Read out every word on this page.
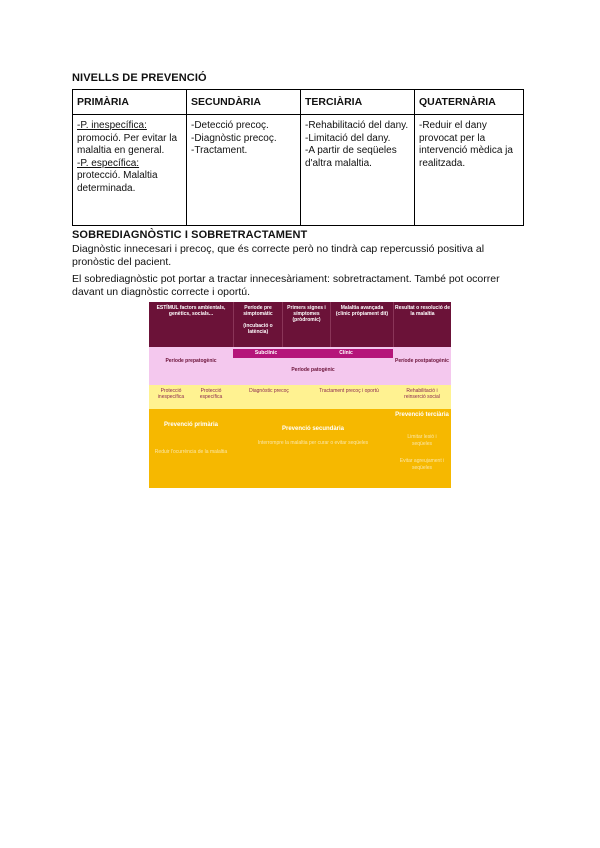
NIVELLS DE PREVENCIÓ
PRIMÀRIA	SECUNDÀRIA	TERCIÀRIA	QUATERNÀRIA

-P. inespecífica:
promoció. Per evitar la malaltia en general.
-P. específica:
protecció. Malaltia determinada.	-Detecció precoç.
-Diagnòstic precoç.
-Tractament.	-Rehabilitació del dany.
-Limitació del dany.
-A partir de seqüeles d'altra malaltia.	-Reduir el dany provocat per la intervenció mèdica ja realitzada.
SOBREDIAGNÒSTIC I SOBRETRACTAMENT
Diagnòstic innecesari i precoç, que és correcte però no tindrà cap repercussió positiva al pronòstic del pacient.
El sobrediagnòstic pot portar a tractar innecesàriament: sobretractament. També pot ocorrer davant un diagnòstic correcte i oportú.
ESTÍMUL factors ambientals, genètics, socials...
Període pre simptomàtic

(incubació o latència)
Primers signes i símptomes
(pròdromic)
Malaltia avançada
(clínic pròpiament dit)
Resultat o resolució de la malaltia
Període prepatogènic
Subclínic	Clínic
Període patogènic
Període postpatogènic
Protecció inespecífica
Protecció específica
Diagnòstic precoç	Tractament precoç i oportú	Rehabilitació i reinserció social
Prevenció primària
Reduir l'ocurrència de la malaltia
Prevenció secundària
Interrompre la malaltia per curar o evitar seqüeles
Prevenció terciària
Limitar lesió i seqüeles
Evitar agreujament i seqüeles
